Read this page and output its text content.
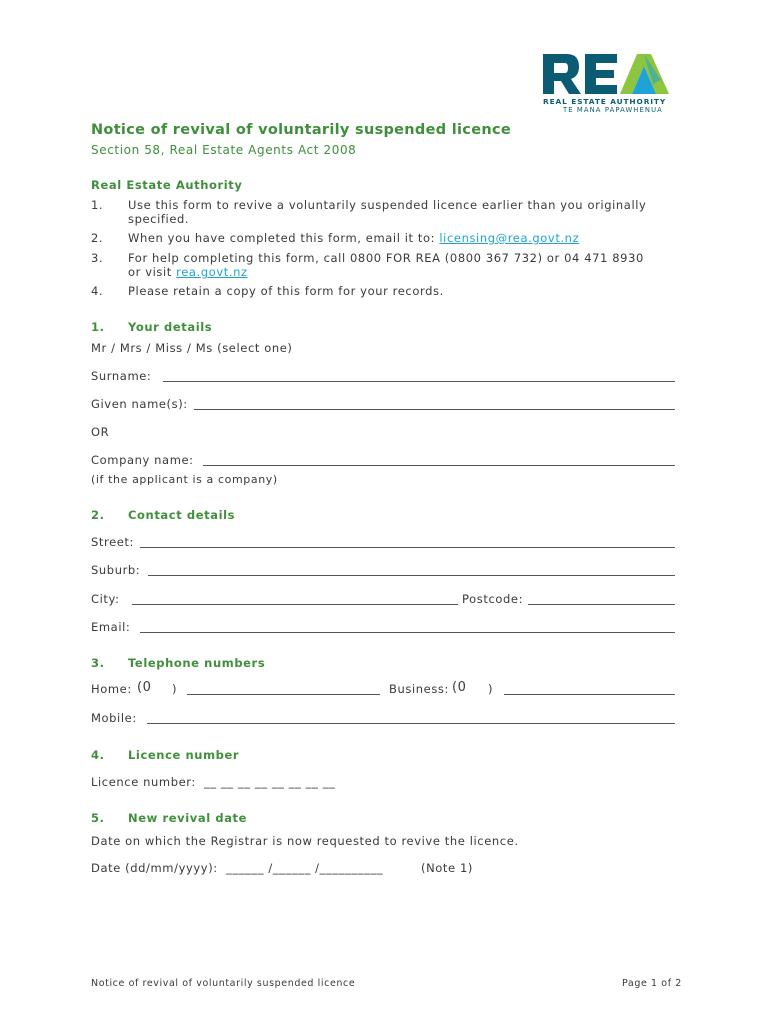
REAL ESTATE AUTHORITY
TE MANA PAPAWHENUA
Notice of revival of voluntarily suspended licence
Section 58, Real Estate Agents Act 2008
Real Estate Authority
1.	Use this form to revive a voluntarily suspended licence earlier than you originally
specified.
2.	When you have completed this form, email it to: licensing@rea.govt.nz
3.	For help completing this form, call 0800 FOR REA (0800 367 732) or 04 471 8930
or visit rea.govt.nz
4.	Please retain a copy of this form for your records.
1. Your details
Mr / Mrs / Miss / Ms (select one)
Surname:
Given name(s):
OR
Company name:
(if the applicant is a company)
2. Contact details
Street:
Suburb:
City:	Postcode:
Email:
3. Telephone numbers
Home: (0 )	Business: (0 )
Mobile:
4. Licence number
Licence number: __ __ __ __ __ __ __ __
5. New revival date
Date on which the Registrar is now requested to revive the licence.
Date (dd/mm/yyyy): ______ /______ /__________	(Note 1)
Notice of revival of voluntarily suspended licence	Page 1 of 2
